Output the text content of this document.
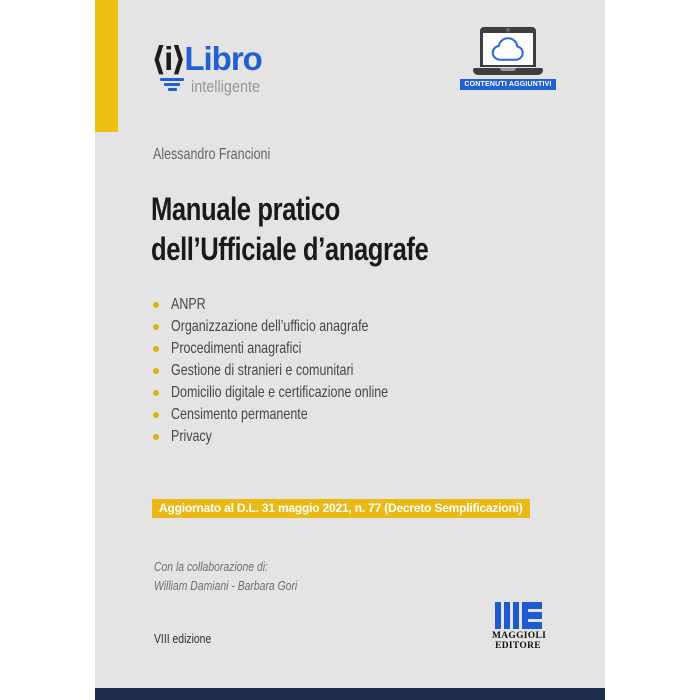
⟨i⟩Libro
intelligente	CONTENUTI AGGIUNTIVI
Alessandro Francioni
Manuale pratico
dell’Ufficiale d’anagrafe
ANPR
Organizzazione dell’ufficio anagrafe
Procedimenti anagrafici
Gestione di stranieri e comunitari
Domicilio digitale e certificazione online
Censimento permanente
Privacy
Aggiornato al D.L. 31 maggio 2021, n. 77 (Decreto Semplificazioni)
Con la collaborazione di:
William Damiani - Barbara Gori
VIII edizione	MAGGIOLI
EDITORE
